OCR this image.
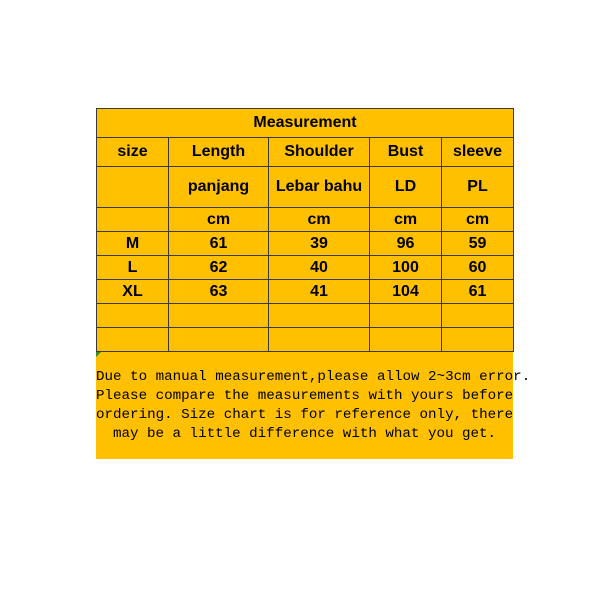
Measurement				
size	Length	Shoulder	Bust	sleeve
	panjang	Lebar bahu	LD	PL
	cm	cm	cm	cm
M	61	39	96	59
L	62	40	100	60
XL	63	41	104	61

Due to manual measurement,please allow 2~3cm error.
Please compare the measurements with yours before
ordering. Size chart is for reference only, there
may be a little difference with what you get.
